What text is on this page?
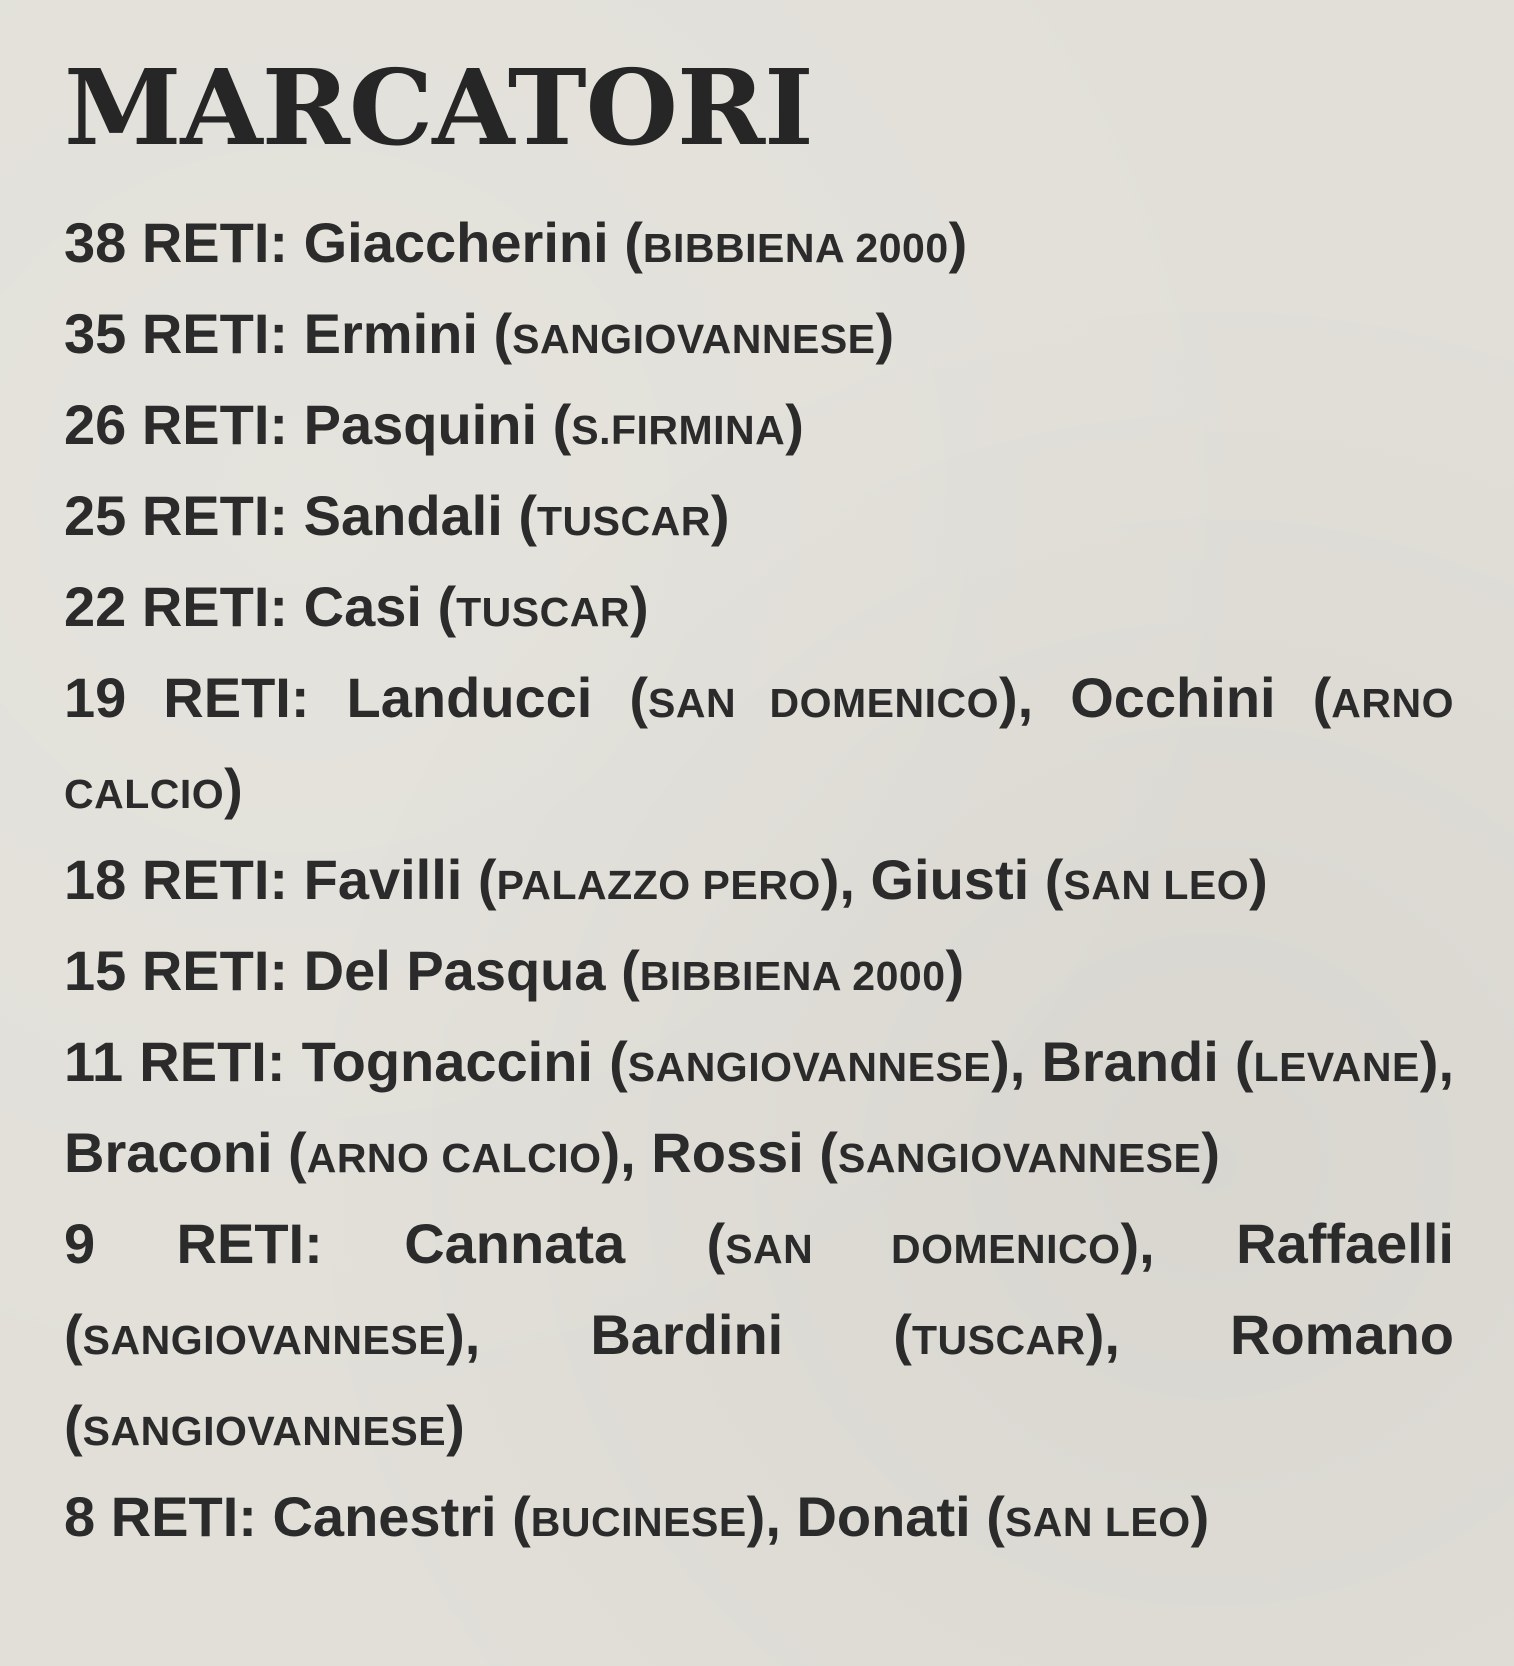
MARCATORI
38 RETI: Giaccherini (BIBBIENA 2000)
35 RETI: Ermini (SANGIOVANNESE)
26 RETI: Pasquini (S.FIRMINA)
25 RETI: Sandali (TUSCAR)
22 RETI: Casi (TUSCAR)
19 RETI: Landucci (SAN DOMENICO), Occhini (ARNO CALCIO)
18 RETI: Favilli (PALAZZO PERO), Giusti (SAN LEO)
15 RETI: Del Pasqua (BIBBIENA 2000)
11 RETI: Tognaccini (SANGIOVANNESE), Brandi (LEVANE), Braconi (ARNO CALCIO), Rossi (SANGIOVANNESE)
9 RETI: Cannata (SAN DOMENICO), Raffaelli (SANGIOVANNESE), Bardini (TUSCAR), Romano (SANGIOVANNESE)
8 RETI: Canestri (BUCINESE), Donati (SAN LEO)
